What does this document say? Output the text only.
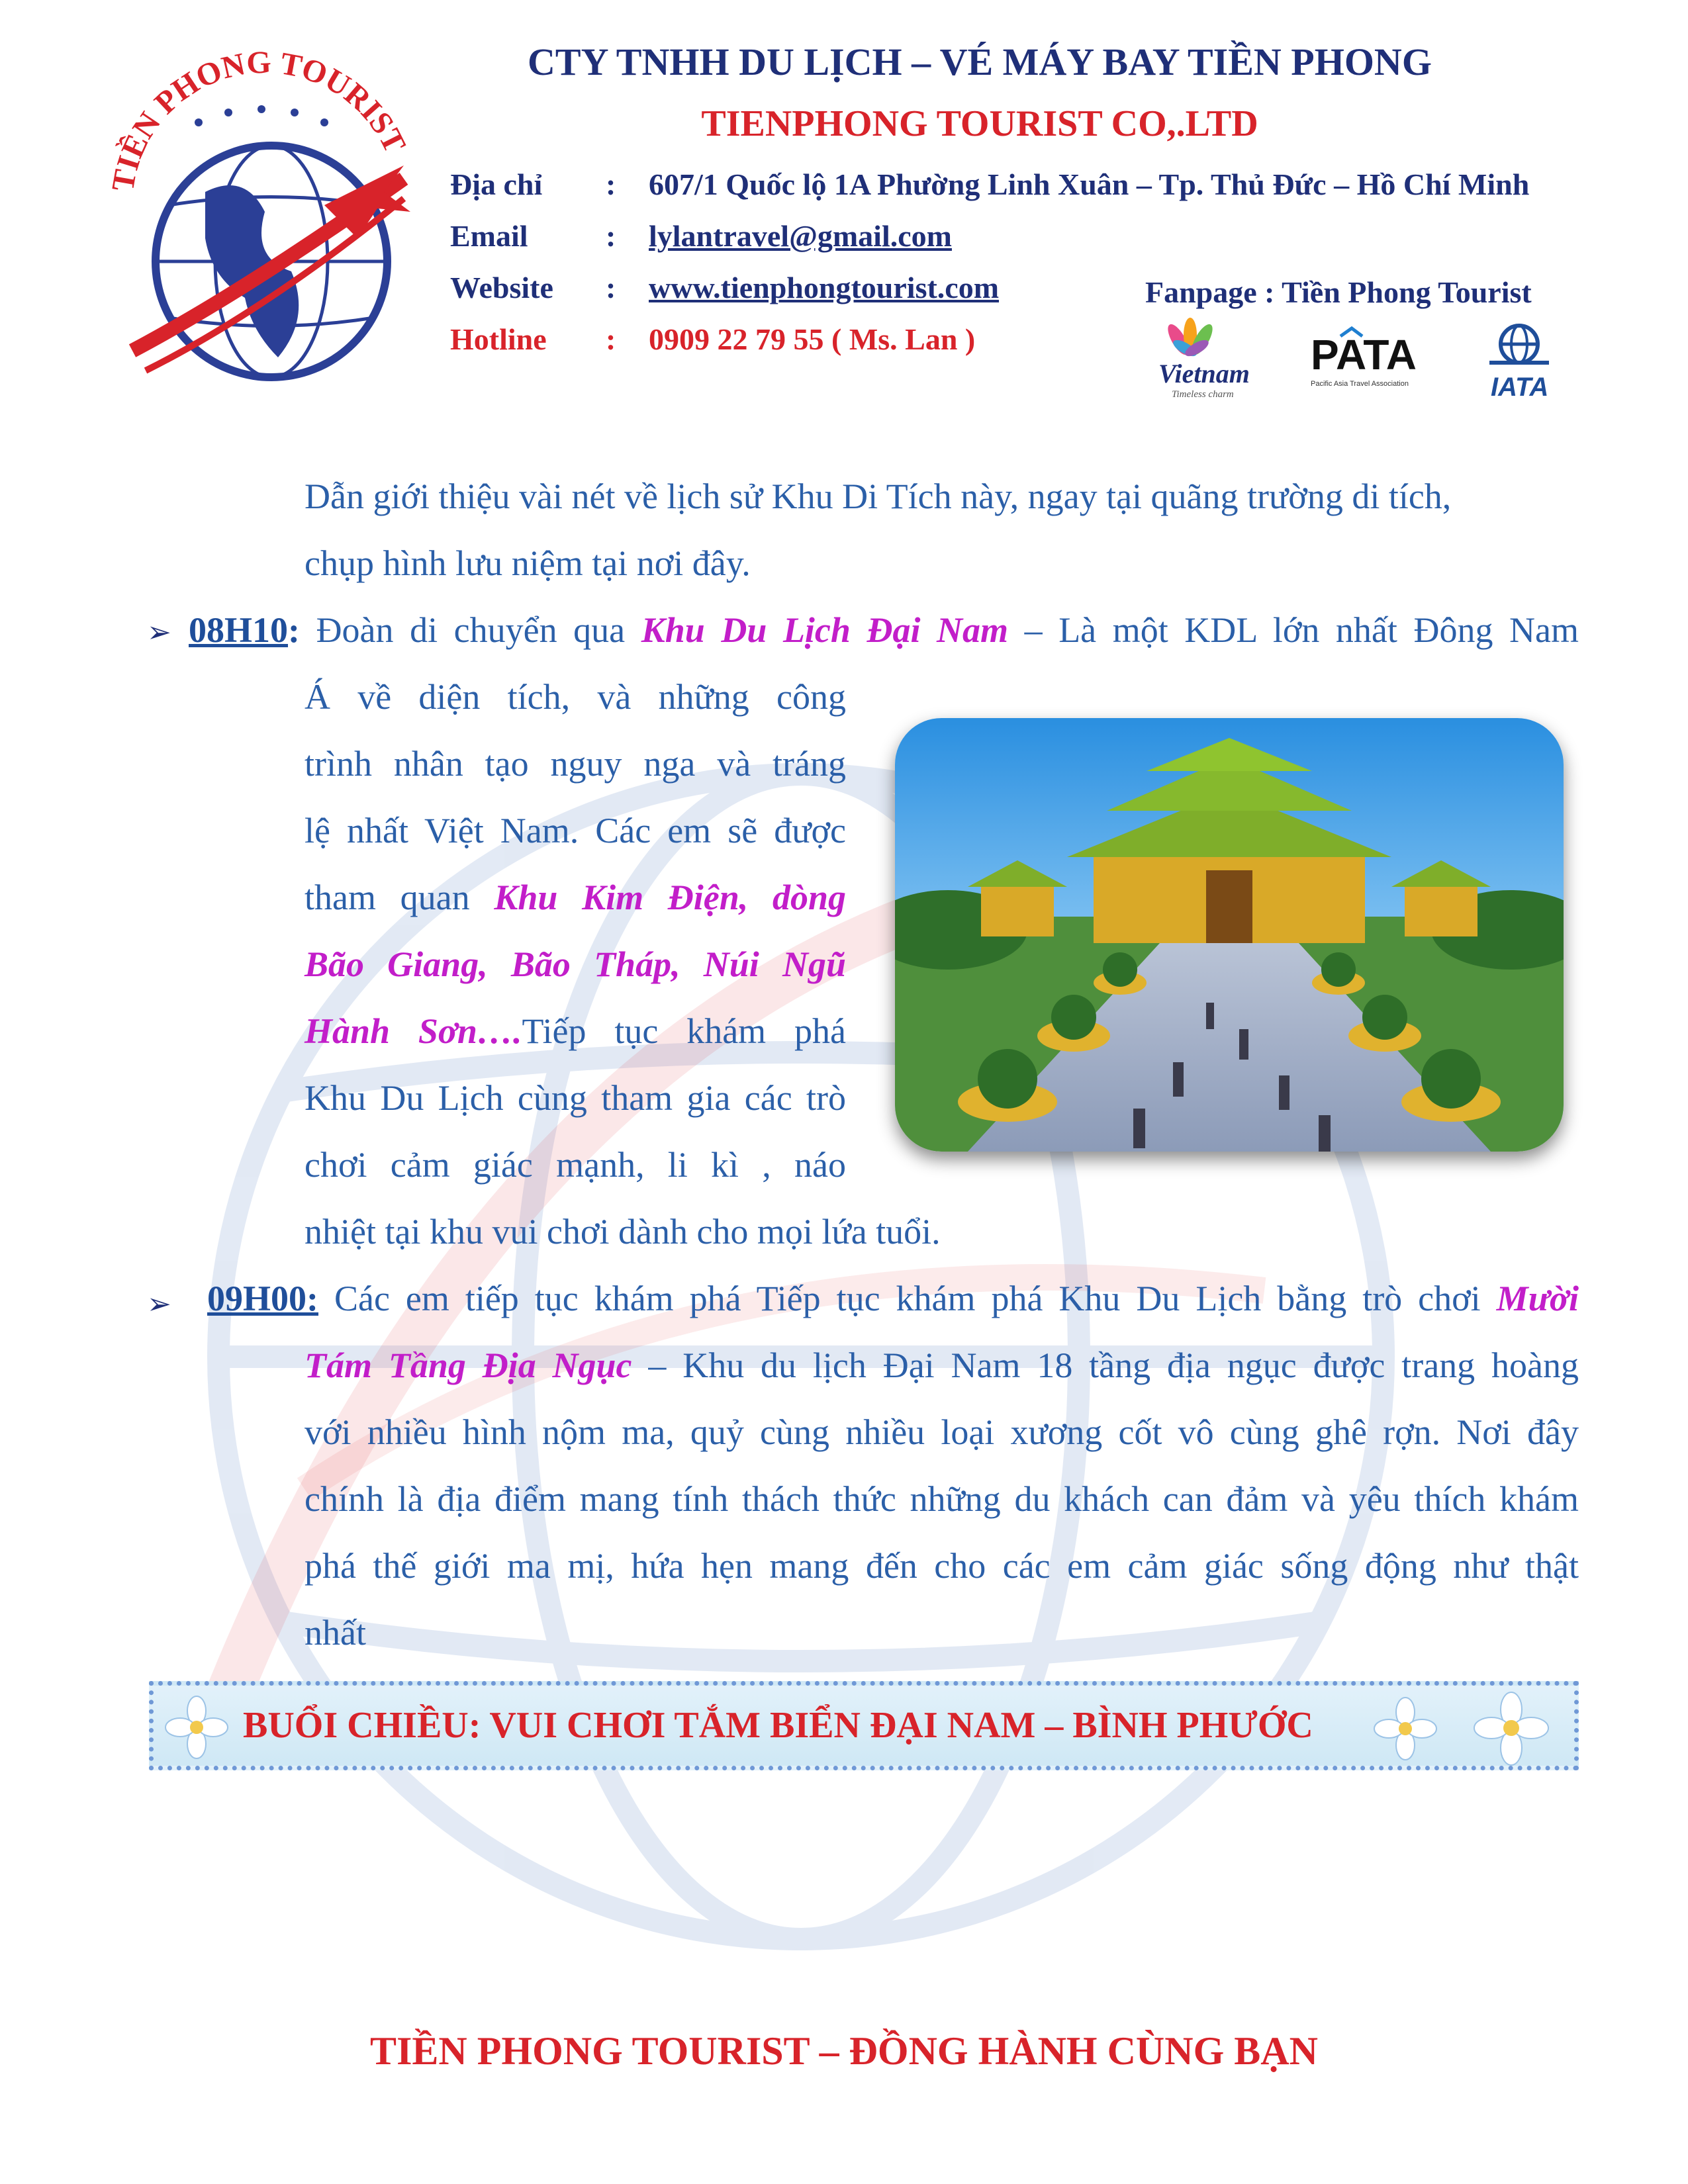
TIỀN PHONG TOURIST
CTY TNHH DU LỊCH – VÉ MÁY BAY TIỀN PHONG
TIENPHONG TOURIST CO,.LTD
Địa chỉ : 607/1 Quốc lộ 1A Phường Linh Xuân – Tp. Thủ Đức – Hồ Chí Minh
Email	: lylantravel@gmail.com
Website : www.tienphongtourist.com
Hotline : 0909 22 79 55 ( Ms. Lan )
Fanpage : Tiền Phong Tourist
Vietnam
Timeless charm
PATA
Pacific Asia Travel Association	IATA
Dẫn giới thiệu vài nét về lịch sử Khu Di Tích này, ngay tại quãng trường di tích,
chụp hình lưu niệm tại nơi đây.
➢ 08H10: Đoàn di chuyển qua Khu Du Lịch Đại Nam – Là một KDL lớn nhất Đông Nam
Á về diện tích, và những công
trình nhân tạo nguy nga và tráng
lệ nhất Việt Nam. Các em sẽ được
tham quan Khu Kim Điện, dòng
Bão Giang, Bão Tháp, Núi Ngũ
Hành Sơn….Tiếp tục khám phá
Khu Du Lịch cùng tham gia các trò
chơi cảm giác mạnh, li kì , náo
nhiệt tại khu vui chơi dành cho mọi lứa tuổi.
➢ 09H00: Các em tiếp tục khám phá Tiếp tục khám phá Khu Du Lịch bằng trò chơi Mười
Tám Tầng Địa Ngục – Khu du lịch Đại Nam 18 tầng địa ngục được trang hoàng
với nhiều hình nộm ma, quỷ cùng nhiều loại xương cốt vô cùng ghê rợn. Nơi đây
chính là địa điểm mang tính thách thức những du khách can đảm và yêu thích khám
phá thế giới ma mị, hứa hẹn mang đến cho các em cảm giác sống động như thật
nhất
BUỔI CHIỀU: VUI CHƠI TẮM BIỂN ĐẠI NAM – BÌNH PHƯỚC
TIỀN PHONG TOURIST – ĐỒNG HÀNH CÙNG BẠN
